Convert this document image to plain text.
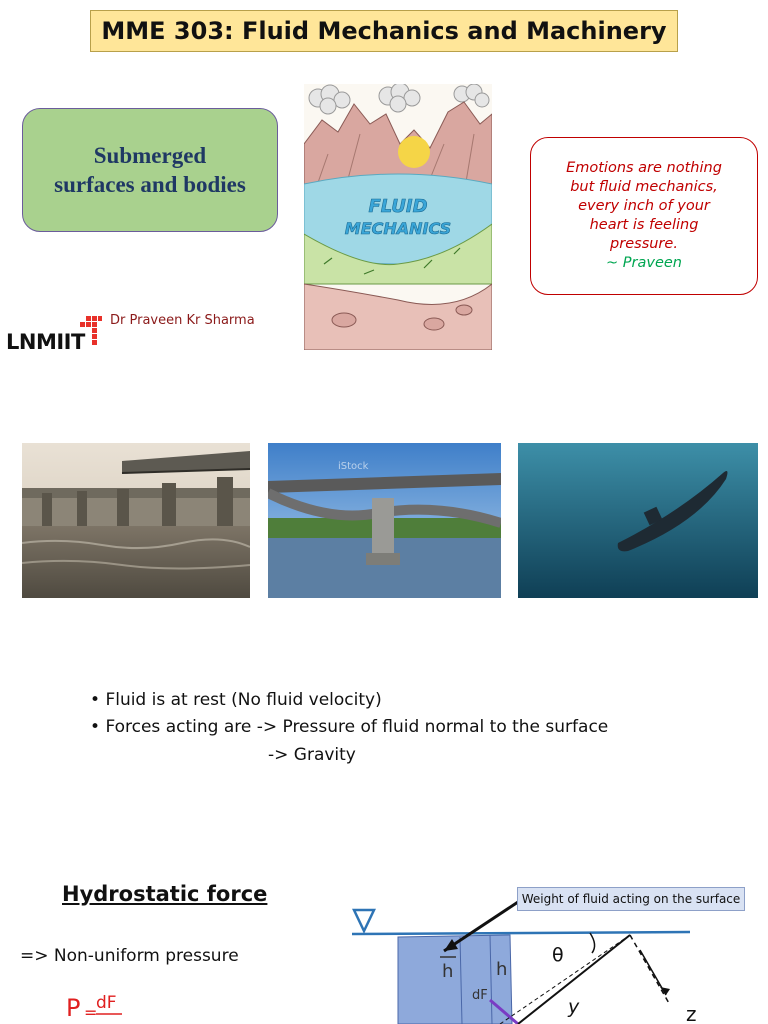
MME 303: Fluid Mechanics and Machinery
Submerged
surfaces and bodies
FLUID
MECHANICS
Emotions are nothing
but fluid mechanics,
every inch of your
heart is feeling
pressure.
~ Praveen
LNMIIT
Dr Praveen Kr Sharma
iStock
• Fluid is at rest (No fluid velocity)
• Forces acting are -> Pressure of fluid normal to the surface
-> Gravity
Hydrostatic force
=> Non-uniform pressure
P =
dF
h h
dF
θ
y	z
Weight of fluid acting on the surface
